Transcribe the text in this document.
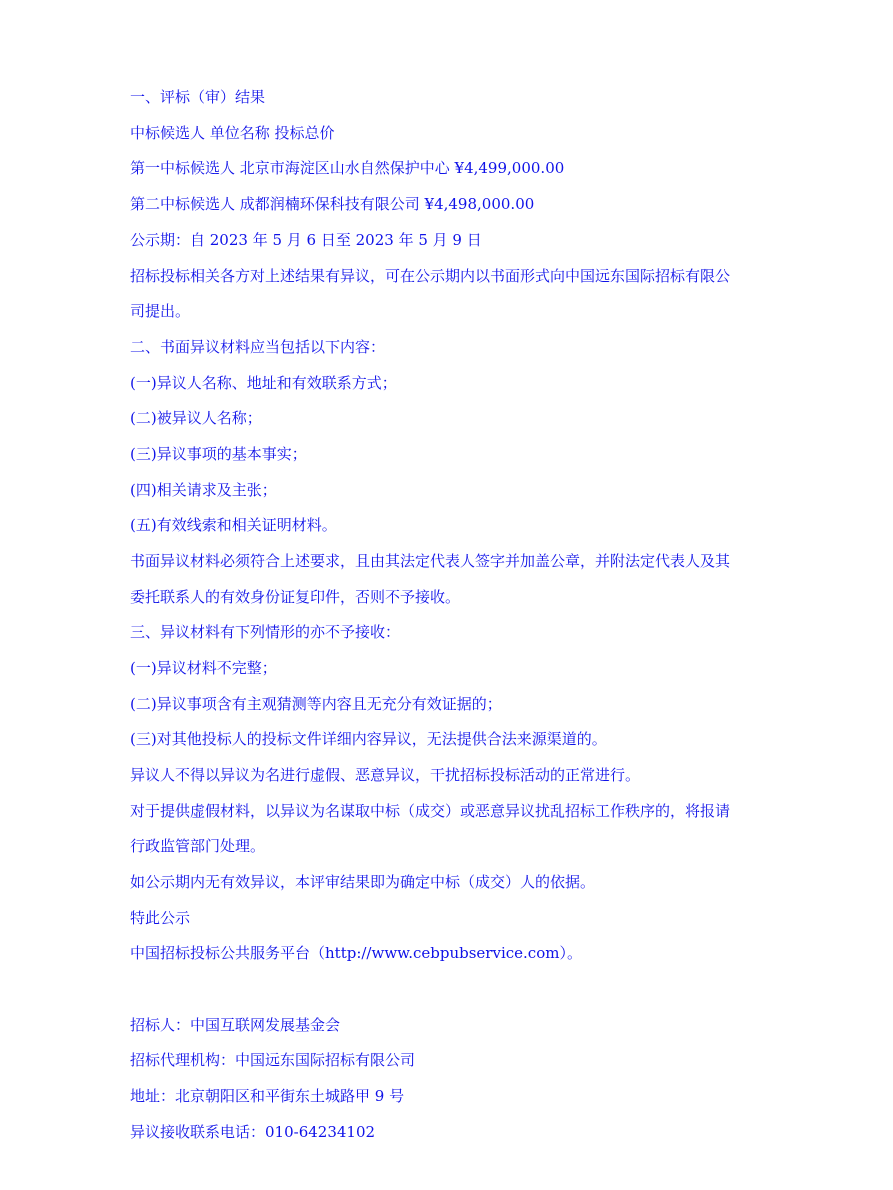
一、评标（审）结果

中标候选人 单位名称 投标总价

第一中标候选人 北京市海淀区山水自然保护中心 ¥4,499,000.00

第二中标候选人 成都润楠环保科技有限公司 ¥4,498,000.00

公示期：自 2023 年 5 月 6 日至 2023 年 5 月 9 日

招标投标相关各方对上述结果有异议，可在公示期内以书面形式向中国远东国际招标有限公

司提出。

二、书面异议材料应当包括以下内容：

(一)异议人名称、地址和有效联系方式；

(二)被异议人名称；

(三)异议事项的基本事实；

(四)相关请求及主张；

(五)有效线索和相关证明材料。

书面异议材料必须符合上述要求，且由其法定代表人签字并加盖公章，并附法定代表人及其

委托联系人的有效身份证复印件，否则不予接收。

三、异议材料有下列情形的亦不予接收：

(一)异议材料不完整；

(二)异议事项含有主观猜测等内容且无充分有效证据的；

(三)对其他投标人的投标文件详细内容异议，无法提供合法来源渠道的。

异议人不得以异议为名进行虚假、恶意异议，干扰招标投标活动的正常进行。

对于提供虚假材料，以异议为名谋取中标（成交）或恶意异议扰乱招标工作秩序的，将报请

行政监管部门处理。

如公示期内无有效异议，本评审结果即为确定中标（成交）人的依据。

特此公示

中国招标投标公共服务平台（http://www.cebpubservice.com）。

招标人：中国互联网发展基金会

招标代理机构：中国远东国际招标有限公司

地址：北京朝阳区和平街东土城路甲 9 号

异议接收联系电话：010-64234102
